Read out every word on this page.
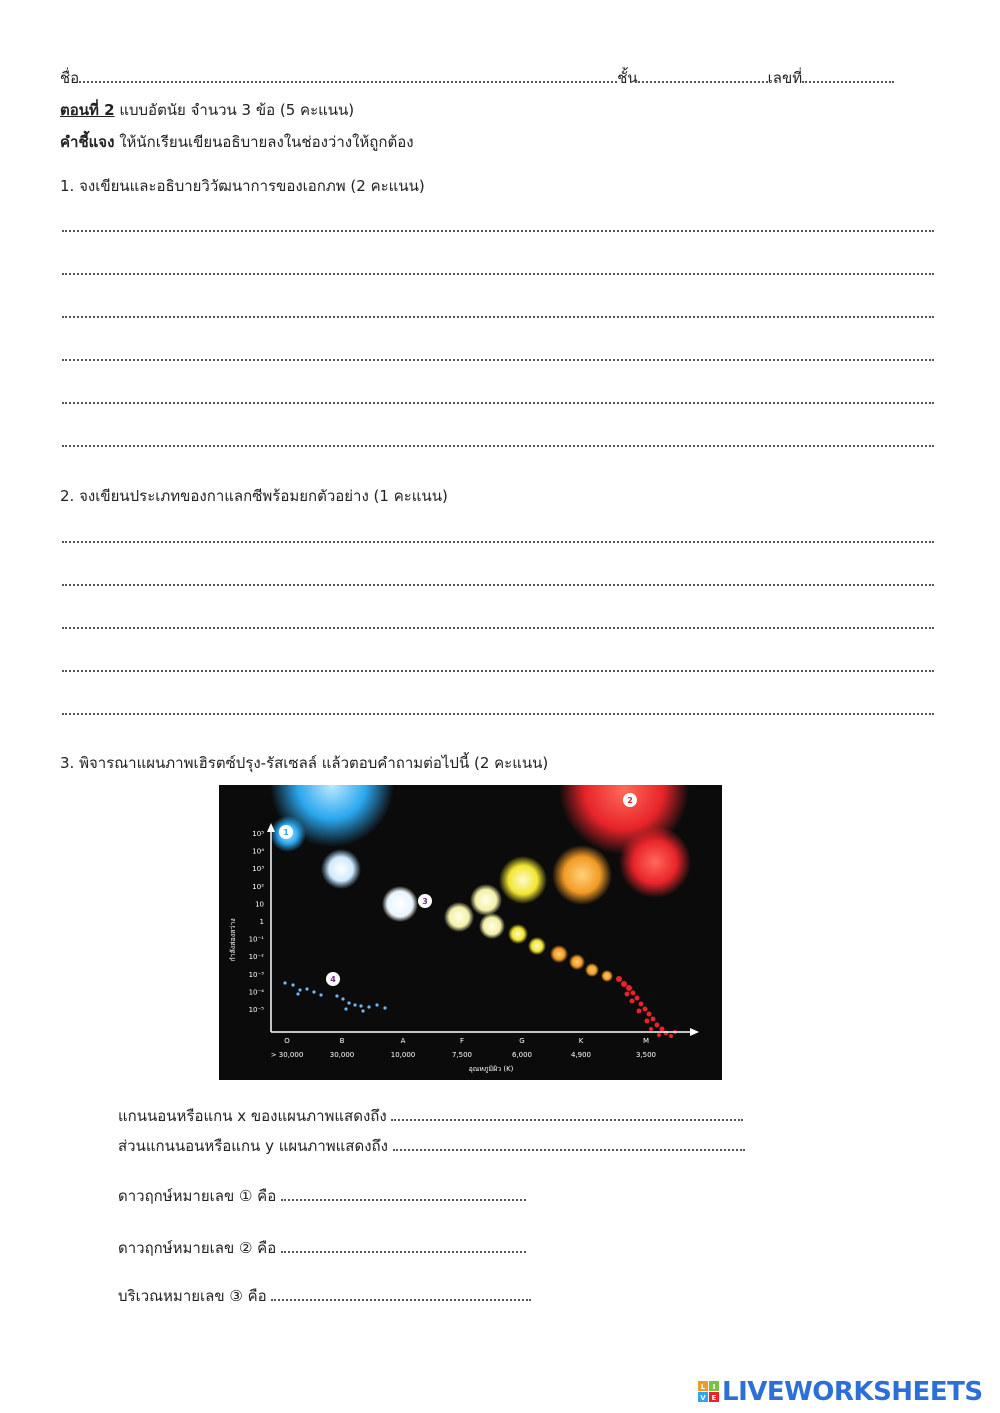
ชื่อ	ชั้น	เลขที่
ตอนที่ 2 แบบอัตนัย จำนวน 3 ข้อ (5 คะแนน)
คำชี้แจง ให้นักเรียนเขียนอธิบายลงในช่องว่างให้ถูกต้อง
1. จงเขียนและอธิบายวิวัฒนาการของเอกภพ (2 คะแนน)
2. จงเขียนประเภทของกาแลกซีพร้อมยกตัวอย่าง (1 คะแนน)
3. พิจารณาแผนภาพเฮิรตซ์ปรุง-รัสเซลล์ แล้วตอบคำถามต่อไปนี้ (2 คะแนน)
10⁵
10⁴
10³
10²
10
1
10⁻¹
10⁻²
10⁻³
10⁻⁴
10⁻⁵
กำลังส่องสว่าง
O
> 30,000
B
30,000
A
10,000
F
7,500
G
6,000
K
4,900
M
3,500
อุณหภูมิผิว (K)
1
2
3
4
แกนนอนหรือแกน x ของแผนภาพแสดงถึง
ส่วนแกนนอนหรือแกน y แผนภาพแสดงถึง
ดาวฤกษ์หมายเลข ① คือ
ดาวฤกษ์หมายเลข ② คือ
บริเวณหมายเลข ③ คือ
L I
V E LIVEWORKSHEETS
